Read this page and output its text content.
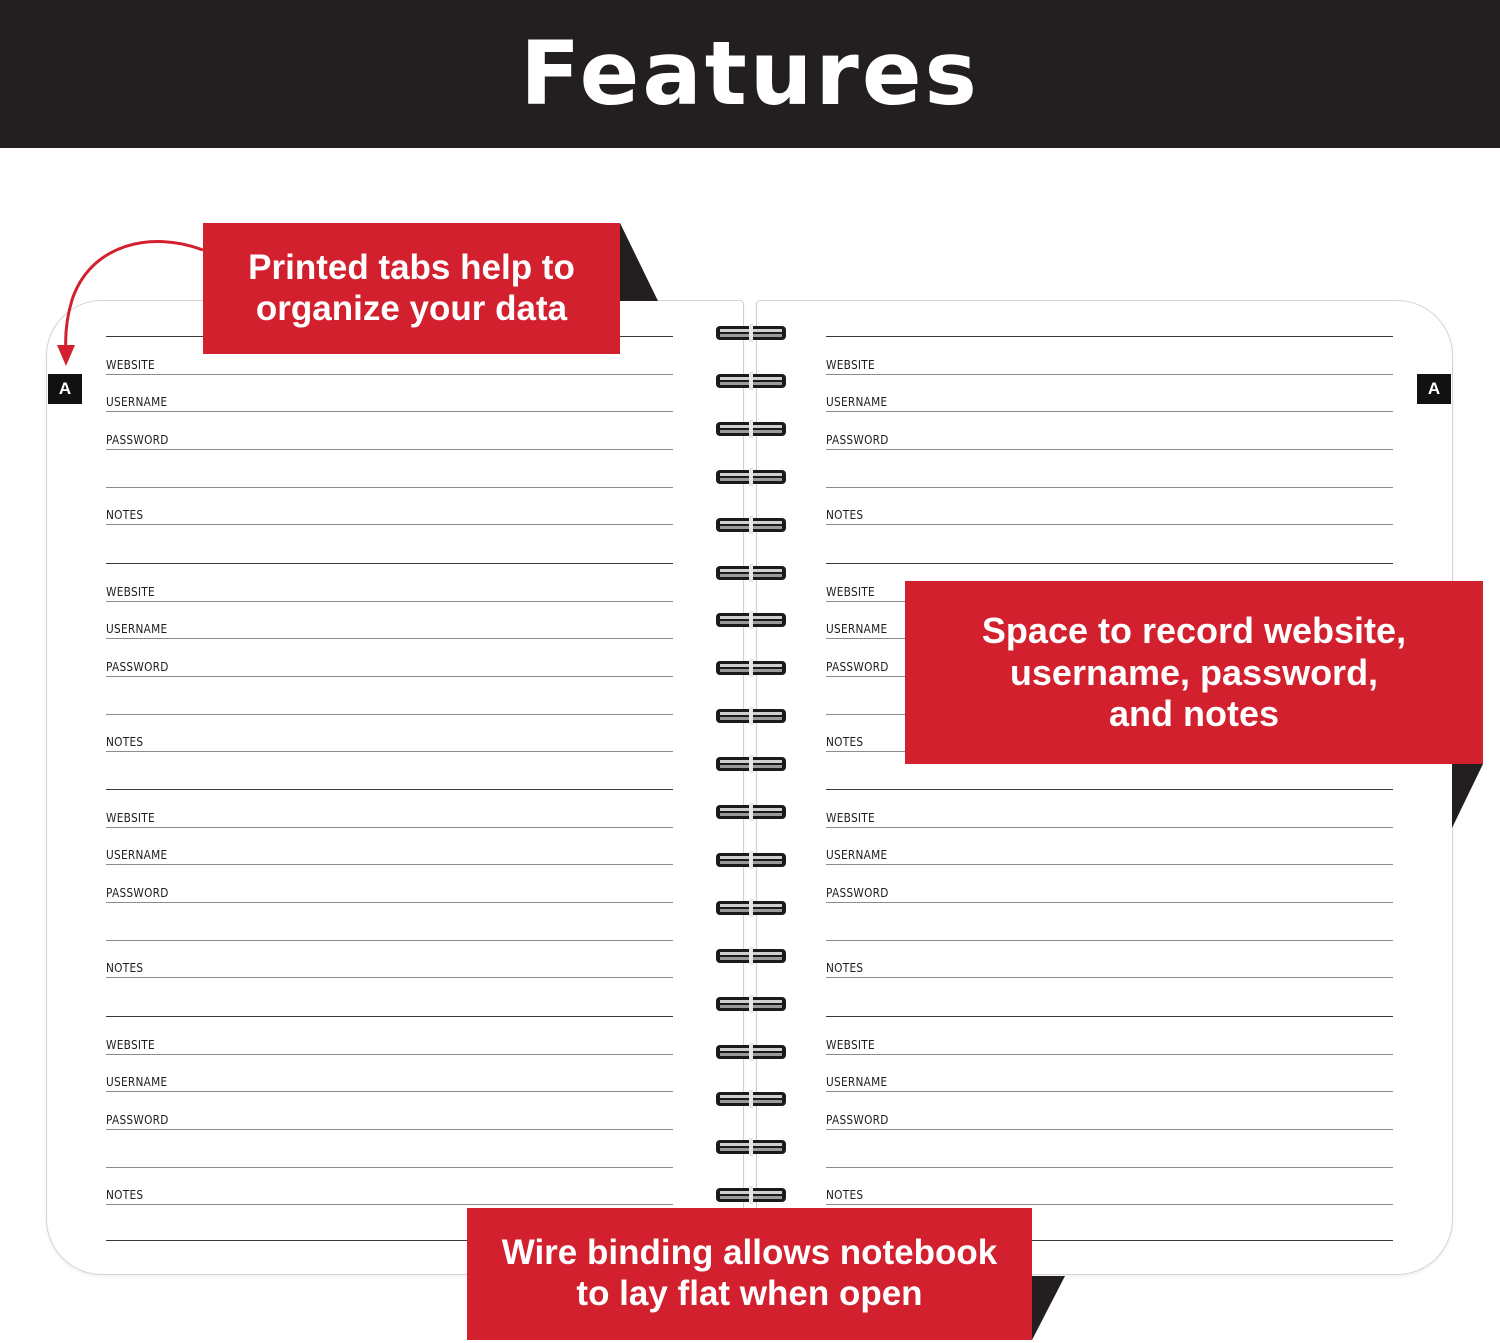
Features
A	A
WEBSITE
USERNAME
PASSWORD
NOTES
WEBSITE
USERNAME
PASSWORD
NOTES
WEBSITE
USERNAME
PASSWORD
NOTES
WEBSITE
USERNAME
PASSWORD
NOTES
WEBSITE
USERNAME
PASSWORD
NOTES
WEBSITE
USERNAME
PASSWORD
NOTES
WEBSITE
USERNAME
PASSWORD
NOTES
WEBSITE
USERNAME
PASSWORD
NOTES
Printed tabs help to
organize your data
Space to record website,
username, password,
and notes
Wire binding allows notebook
to lay flat when open
